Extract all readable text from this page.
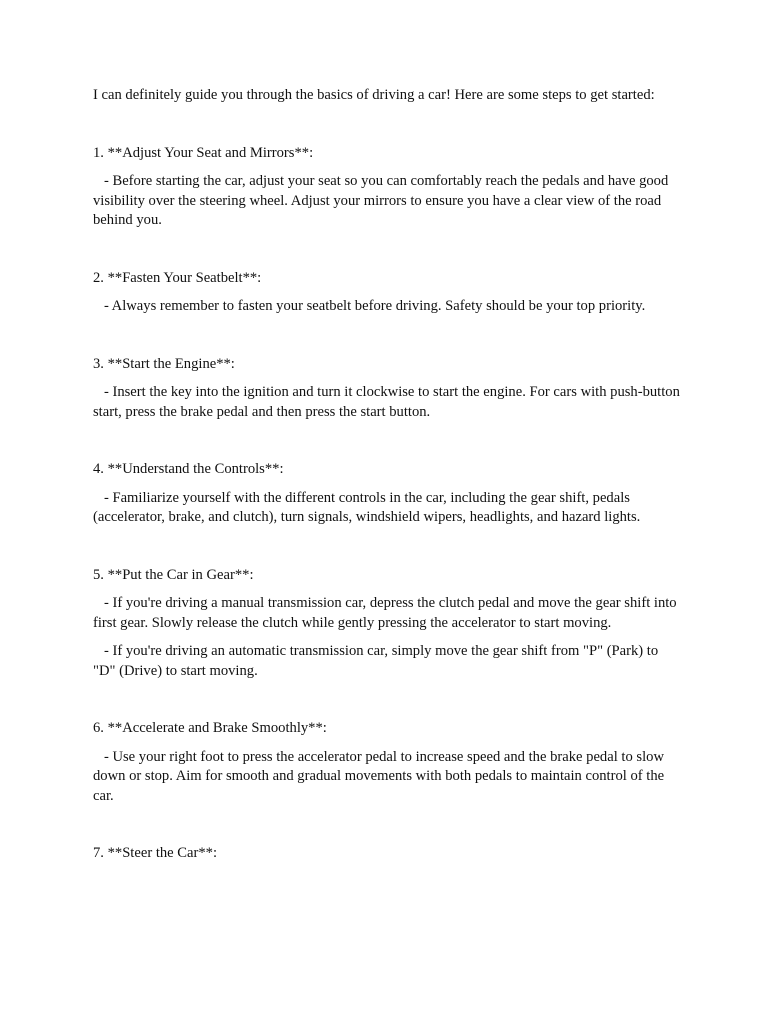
I can definitely guide you through the basics of driving a car! Here are some steps to get started:

1. **Adjust Your Seat and Mirrors**:

- Before starting the car, adjust your seat so you can comfortably reach the pedals and have good visibility over the steering wheel. Adjust your mirrors to ensure you have a clear view of the road behind you.

2. **Fasten Your Seatbelt**:

- Always remember to fasten your seatbelt before driving. Safety should be your top priority.

3. **Start the Engine**:

- Insert the key into the ignition and turn it clockwise to start the engine. For cars with push-button start, press the brake pedal and then press the start button.

4. **Understand the Controls**:

- Familiarize yourself with the different controls in the car, including the gear shift, pedals (accelerator, brake, and clutch), turn signals, windshield wipers, headlights, and hazard lights.

5. **Put the Car in Gear**:

- If you're driving a manual transmission car, depress the clutch pedal and move the gear shift into first gear. Slowly release the clutch while gently pressing the accelerator to start moving.

- If you're driving an automatic transmission car, simply move the gear shift from "P" (Park) to "D" (Drive) to start moving.

6. **Accelerate and Brake Smoothly**:

- Use your right foot to press the accelerator pedal to increase speed and the brake pedal to slow down or stop. Aim for smooth and gradual movements with both pedals to maintain control of the car.

7. **Steer the Car**:
